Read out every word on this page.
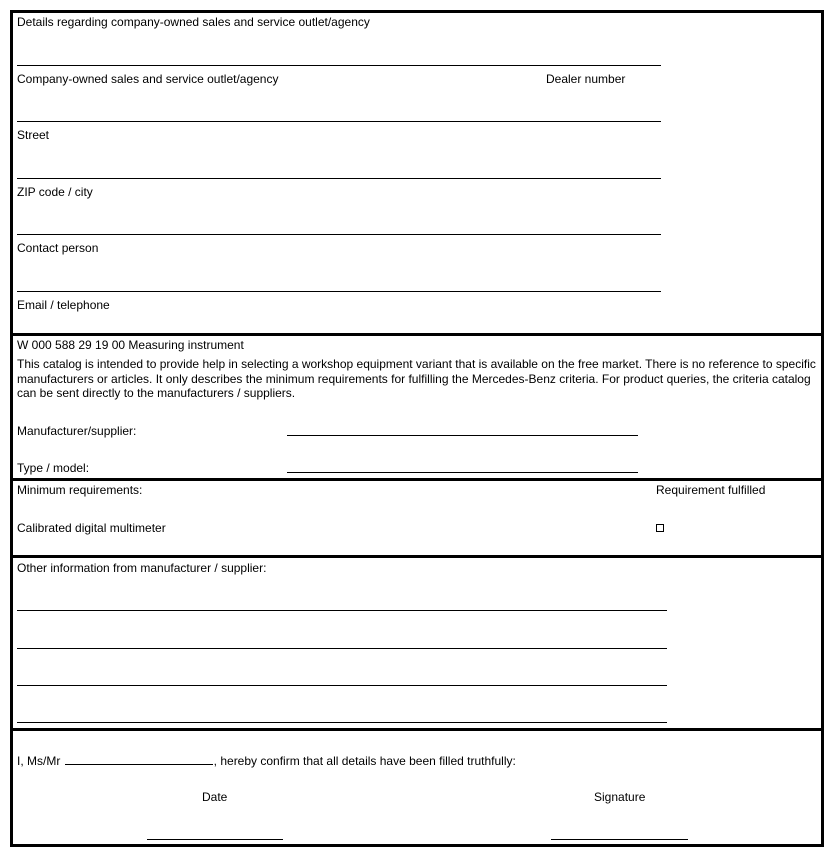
Details regarding company-owned sales and service outlet/agency
Company-owned sales and service outlet/agency	Dealer number
Street
ZIP code / city
Contact person
Email / telephone
W 000 588 29 19 00 Measuring instrument
This catalog is intended to provide help in selecting a workshop equipment variant that is available on the free market. There is no reference to specific manufacturers or articles. It only describes the minimum requirements for fulfilling the Mercedes-Benz criteria. For product queries, the criteria catalog can be sent directly to the manufacturers / suppliers.
Manufacturer/supplier:
Type / model:
Minimum requirements:	Requirement fulfilled
Calibrated digital multimeter
Other information from manufacturer / supplier:
I, Ms/Mr	, hereby confirm that all details have been filled truthfully:
Date	Signature
